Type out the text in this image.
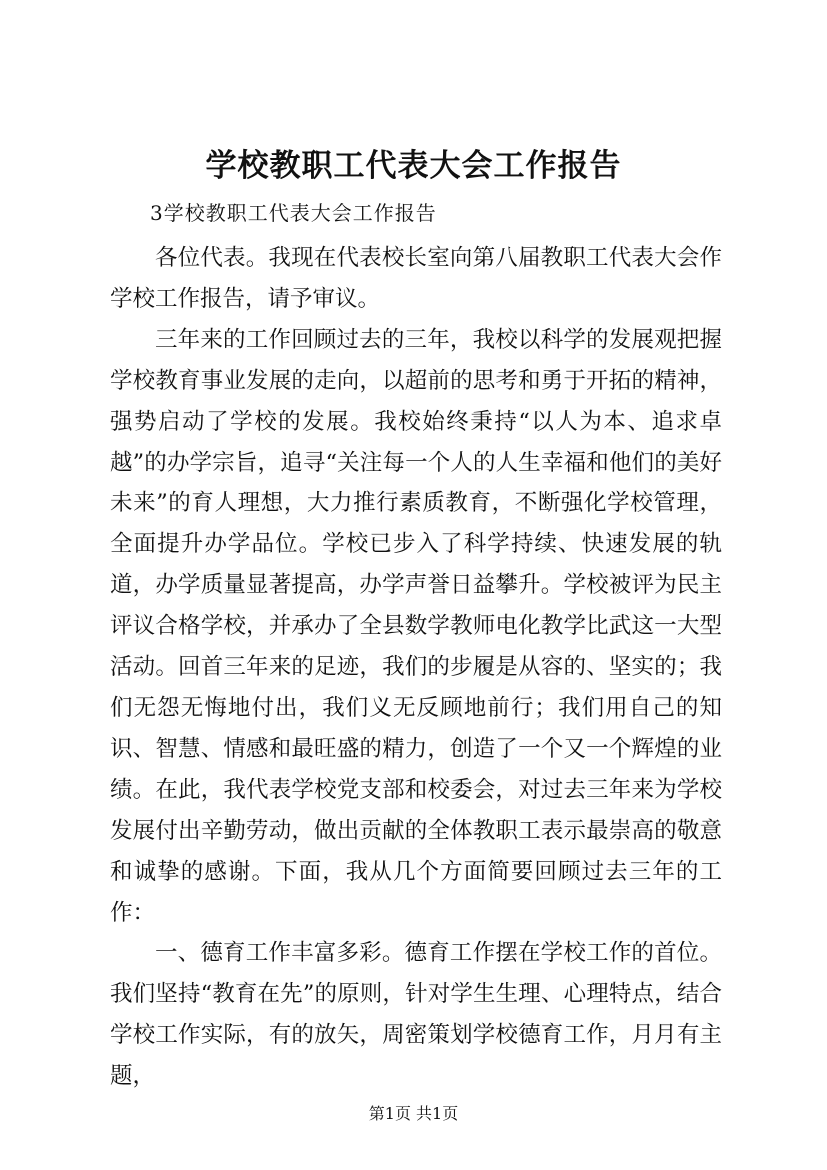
学校教职工代表大会工作报告
3学校教职工代表大会工作报告

各位代表。我现在代表校长室向第八届教职工代表大会作学校工作报告，请予审议。

三年来的工作回顾过去的三年，我校以科学的发展观把握学校教育事业发展的走向，以超前的思考和勇于开拓的精神，强势启动了学校的发展。我校始终秉持“以人为本、追求卓越”的办学宗旨，追寻“关注每一个人的人生幸福和他们的美好未来”的育人理想，大力推行素质教育，不断强化学校管理，全面提升办学品位。学校已步入了科学持续、快速发展的轨道，办学质量显著提高，办学声誉日益攀升。学校被评为民主评议合格学校，并承办了全县数学教师电化教学比武这一大型活动。回首三年来的足迹，我们的步履是从容的、坚实的；我们无怨无悔地付出，我们义无反顾地前行；我们用自己的知识、智慧、情感和最旺盛的精力，创造了一个又一个辉煌的业绩。在此，我代表学校党支部和校委会，对过去三年来为学校发展付出辛勤劳动，做出贡献的全体教职工表示最崇高的敬意和诚挚的感谢。下面，我从几个方面简要回顾过去三年的工作：

一、德育工作丰富多彩。德育工作摆在学校工作的首位。我们坚持“教育在先”的原则，针对学生生理、心理特点，结合学校工作实际，有的放矢，周密策划学校德育工作，月月有主题，

第1页 共1页
